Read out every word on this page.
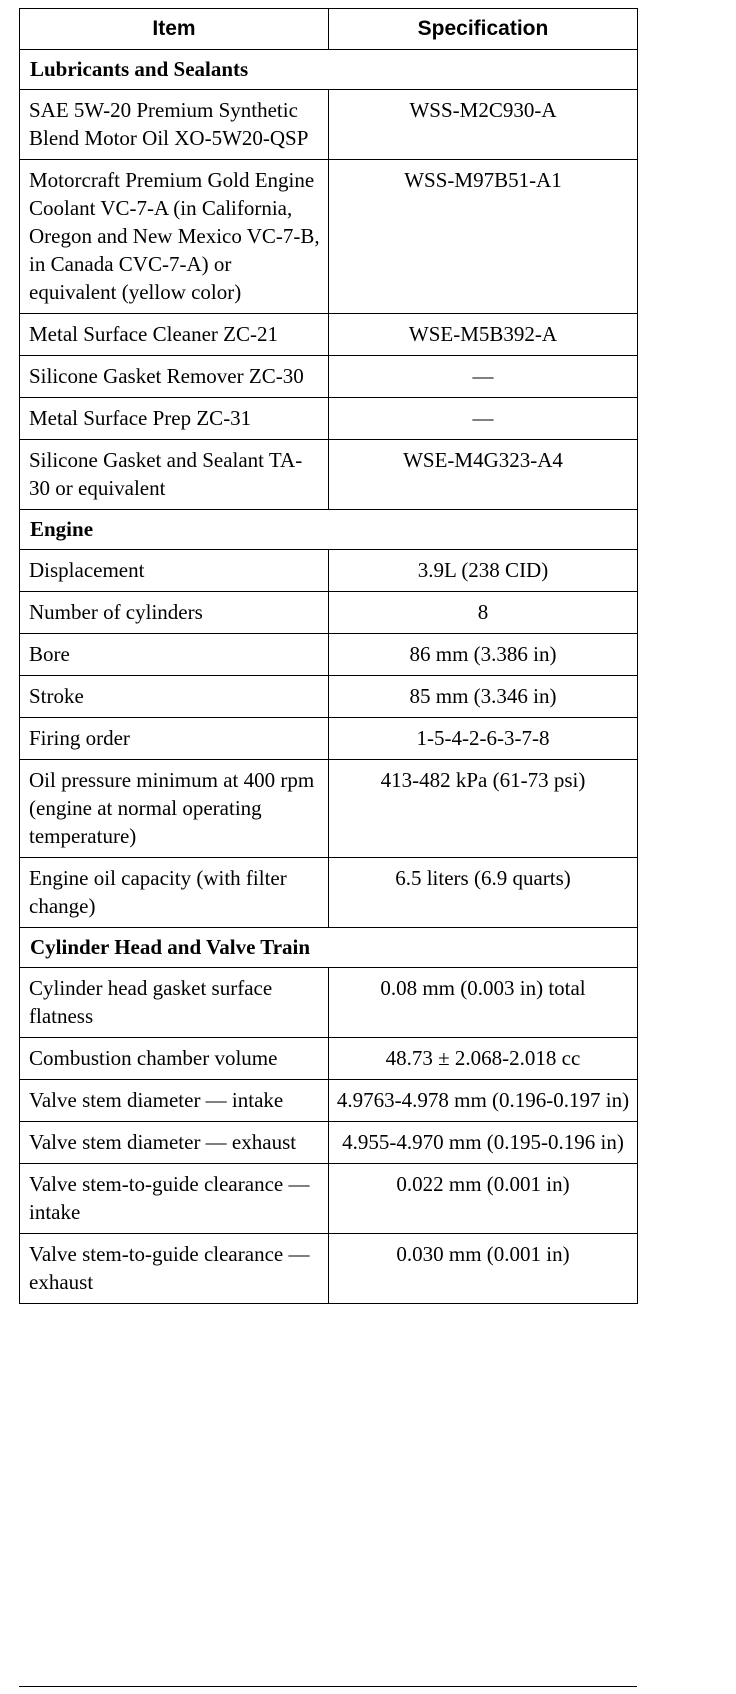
Item	Specification
Lubricants and Sealants	
SAE 5W-20 Premium Synthetic Blend Motor Oil XO-5W20-QSP	WSS-M2C930-A
Motorcraft Premium Gold Engine Coolant VC-7-A (in California, Oregon and New Mexico VC-7-B, in Canada CVC-7-A) or equivalent (yellow color)	WSS-M97B51-A1
Metal Surface Cleaner ZC-21	WSE-M5B392-A
Silicone Gasket Remover ZC-30	—
Metal Surface Prep ZC-31	—
Silicone Gasket and Sealant TA-30 or equivalent	WSE-M4G323-A4
Engine	
Displacement	3.9L (238 CID)
Number of cylinders	8
Bore	86 mm (3.386 in)
Stroke	85 mm (3.346 in)
Firing order	1-5-4-2-6-3-7-8
Oil pressure minimum at 400 rpm (engine at normal operating temperature)	413-482 kPa (61-73 psi)
Engine oil capacity (with filter change)	6.5 liters (6.9 quarts)
Cylinder Head and Valve Train	
Cylinder head gasket surface flatness	0.08 mm (0.003 in) total
Combustion chamber volume	48.73 ± 2.068-2.018 cc
Valve stem diameter — intake	4.9763-4.978 mm (0.196-0.197 in)
Valve stem diameter — exhaust	4.955-4.970 mm (0.195-0.196 in)
Valve stem-to-guide clearance — intake	0.022 mm (0.001 in)
Valve stem-to-guide clearance — exhaust	0.030 mm (0.001 in)
